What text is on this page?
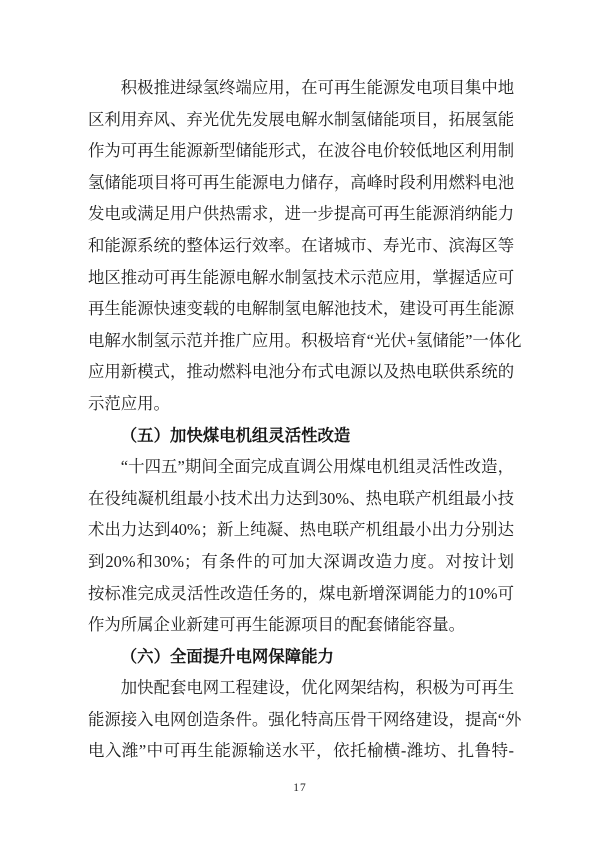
积极推进绿氢终端应用，在可再生能源发电项目集中地
区利用弃风、弃光优先发展电解水制氢储能项目，拓展氢能
作为可再生能源新型储能形式，在波谷电价较低地区利用制
氢储能项目将可再生能源电力储存，高峰时段利用燃料电池
发电或满足用户供热需求，进一步提高可再生能源消纳能力
和能源系统的整体运行效率。在诸城市、寿光市、滨海区等
地区推动可再生能源电解水制氢技术示范应用，掌握适应可
再生能源快速变载的电解制氢电解池技术，建设可再生能源
电解水制氢示范并推广应用。积极培育“光伏+氢储能”一体化
应用新模式，推动燃料电池分布式电源以及热电联供系统的
示范应用。
（五）加快煤电机组灵活性改造
“十四五”期间全面完成直调公用煤电机组灵活性改造，
在役纯凝机组最小技术出力达到30%、热电联产机组最小技
术出力达到40%；新上纯凝、热电联产机组最小出力分别达
到20%和30%；有条件的可加大深调改造力度。对按计划
按标准完成灵活性改造任务的，煤电新增深调能力的10%可
作为所属企业新建可再生能源项目的配套储能容量。
（六）全面提升电网保障能力
加快配套电网工程建设，优化网架结构，积极为可再生
能源接入电网创造条件。强化特高压骨干网络建设，提高“外
电入潍”中可再生能源输送水平，依托榆横-潍坊、扎鲁特-
17
